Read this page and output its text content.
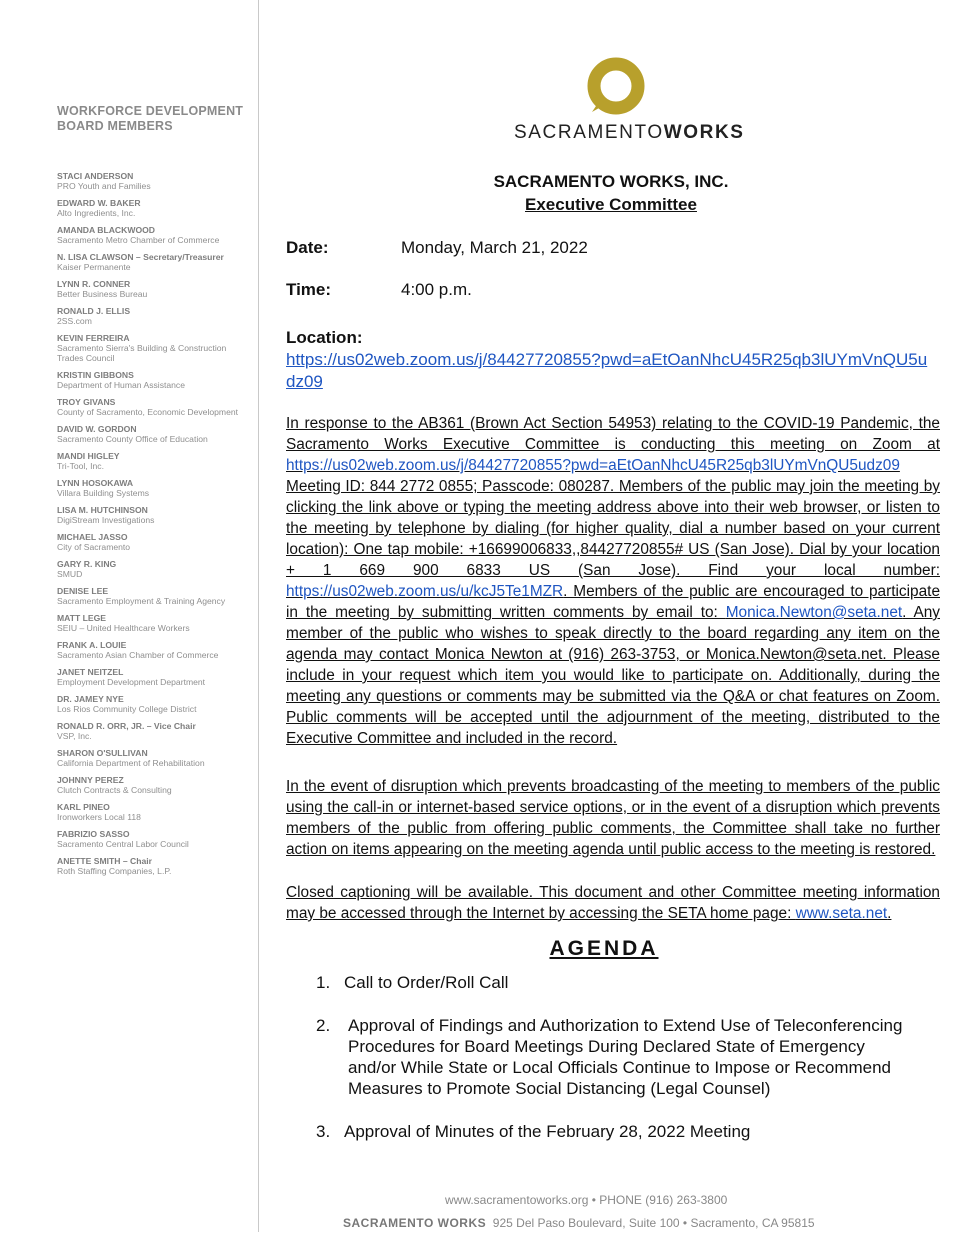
WORKFORCE DEVELOPMENT
BOARD MEMBERS
STACI ANDERSON
PRO Youth and Families
EDWARD W. BAKER
Alto Ingredients, Inc.
AMANDA BLACKWOOD
Sacramento Metro Chamber of Commerce
N. LISA CLAWSON – Secretary/Treasurer
Kaiser Permanente
LYNN R. CONNER
Better Business Bureau
RONALD J. ELLIS
2SS.com
KEVIN FERREIRA
Sacramento Sierra's Building & Construction Trades Council
KRISTIN GIBBONS
Department of Human Assistance
TROY GIVANS
County of Sacramento, Economic Development
DAVID W. GORDON
Sacramento County Office of Education
MANDI HIGLEY
Tri-Tool, Inc.
LYNN HOSOKAWA
Villara Building Systems
LISA M. HUTCHINSON
DigiStream Investigations
MICHAEL JASSO
City of Sacramento
GARY R. KING
SMUD
DENISE LEE
Sacramento Employment & Training Agency
MATT LEGE
SEIU – United Healthcare Workers
FRANK A. LOUIE
Sacramento Asian Chamber of Commerce
JANET NEITZEL
Employment Development Department
DR. JAMEY NYE
Los Rios Community College District
RONALD R. ORR, JR. – Vice Chair
VSP, Inc.
SHARON O'SULLIVAN
California Department of Rehabilitation
JOHNNY PEREZ
Clutch Contracts & Consulting
KARL PINEO
Ironworkers Local 118
FABRIZIO SASSO
Sacramento Central Labor Council
ANETTE SMITH – Chair
Roth Staffing Companies, L.P.
SACRAMENTOWORKS
SACRAMENTO WORKS, INC.
Executive Committee
Date:	Monday, March 21, 2022
Time:	4:00 p.m.
Location:
https://us02web.zoom.us/j/84427720855?pwd=aEtOanNhcU45R25qb3lUYmVnQU5udz09
In response to the AB361 (Brown Act Section 54953) relating to the COVID-19 Pandemic, the Sacramento Works Executive Committee is conducting this meeting on Zoom at https://us02web.zoom.us/j/84427720855?pwd=aEtOanNhcU45R25qb3lUYmVnQU5udz09 Meeting ID: 844 2772 0855; Passcode: 080287. Members of the public may join the meeting by clicking the link above or typing the meeting address above into their web browser, or listen to the meeting by telephone by dialing (for higher quality, dial a number based on your current location): One tap mobile: +16699006833,,84427720855# US (San Jose). Dial by your location + 1 669 900 6833 US (San Jose). Find your local number: https://us02web.zoom.us/u/kcJ5Te1MZR. Members of the public are encouraged to participate in the meeting by submitting written comments by email to: Monica.Newton@seta.net. Any member of the public who wishes to speak directly to the board regarding any item on the agenda may contact Monica Newton at (916) 263-3753, or Monica.Newton@seta.net. Please include in your request which item you would like to participate on. Additionally, during the meeting any questions or comments may be submitted via the Q&A or chat features on Zoom. Public comments will be accepted until the adjournment of the meeting, distributed to the Executive Committee and included in the record.
In the event of disruption which prevents broadcasting of the meeting to members of the public using the call-in or internet-based service options, or in the event of a disruption which prevents members of the public from offering public comments, the Committee shall take no further action on items appearing on the meeting agenda until public access to the meeting is restored.
Closed captioning will be available. This document and other Committee meeting information may be accessed through the Internet by accessing the SETA home page: www.seta.net.
AGENDA
1. Call to Order/Roll Call
2.	Approval of Findings and Authorization to Extend Use of Teleconferencing Procedures for Board Meetings During Declared State of Emergency and/or While State or Local Officials Continue to Impose or Recommend Measures to Promote Social Distancing (Legal Counsel)
3. Approval of Minutes of the February 28, 2022 Meeting
www.sacramentoworks.org • PHONE (916) 263-3800
SACRAMENTO WORKS 925 Del Paso Boulevard, Suite 100 • Sacramento, CA 95815
